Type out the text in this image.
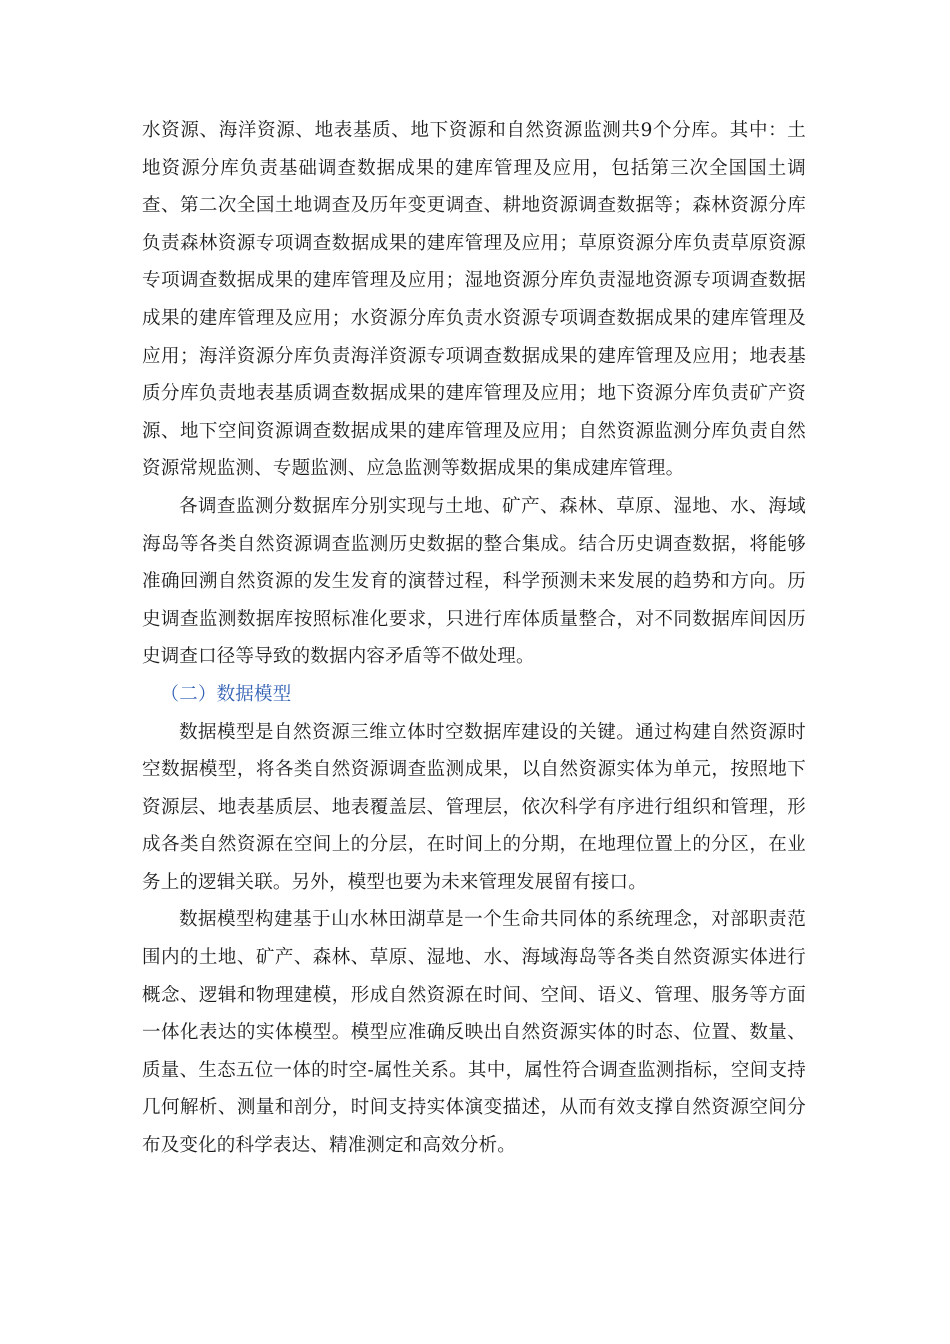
水资源、海洋资源、地表基质、地下资源和自然资源监测共9个分库。其中：土地资源分库负责基础调查数据成果的建库管理及应用，包括第三次全国国土调查、第二次全国土地调查及历年变更调查、耕地资源调查数据等；森林资源分库负责森林资源专项调查数据成果的建库管理及应用；草原资源分库负责草原资源专项调查数据成果的建库管理及应用；湿地资源分库负责湿地资源专项调查数据成果的建库管理及应用；水资源分库负责水资源专项调查数据成果的建库管理及应用；海洋资源分库负责海洋资源专项调查数据成果的建库管理及应用；地表基质分库负责地表基质调查数据成果的建库管理及应用；地下资源分库负责矿产资源、地下空间资源调查数据成果的建库管理及应用；自然资源监测分库负责自然资源常规监测、专题监测、应急监测等数据成果的集成建库管理。

各调查监测分数据库分别实现与土地、矿产、森林、草原、湿地、水、海域海岛等各类自然资源调查监测历史数据的整合集成。结合历史调查数据，将能够准确回溯自然资源的发生发育的演替过程，科学预测未来发展的趋势和方向。历史调查监测数据库按照标准化要求，只进行库体质量整合，对不同数据库间因历史调查口径等导致的数据内容矛盾等不做处理。

（二）数据模型

数据模型是自然资源三维立体时空数据库建设的关键。通过构建自然资源时空数据模型，将各类自然资源调查监测成果，以自然资源实体为单元，按照地下资源层、地表基质层、地表覆盖层、管理层，依次科学有序进行组织和管理，形成各类自然资源在空间上的分层，在时间上的分期，在地理位置上的分区，在业务上的逻辑关联。另外，模型也要为未来管理发展留有接口。

数据模型构建基于山水林田湖草是一个生命共同体的系统理念，对部职责范围内的土地、矿产、森林、草原、湿地、水、海域海岛等各类自然资源实体进行概念、逻辑和物理建模，形成自然资源在时间、空间、语义、管理、服务等方面一体化表达的实体模型。模型应准确反映出自然资源实体的时态、位置、数量、质量、生态五位一体的时空-属性关系。其中，属性符合调查监测指标，空间支持几何解析、测量和剖分，时间支持实体演变描述，从而有效支撑自然资源空间分布及变化的科学表达、精准测定和高效分析。
